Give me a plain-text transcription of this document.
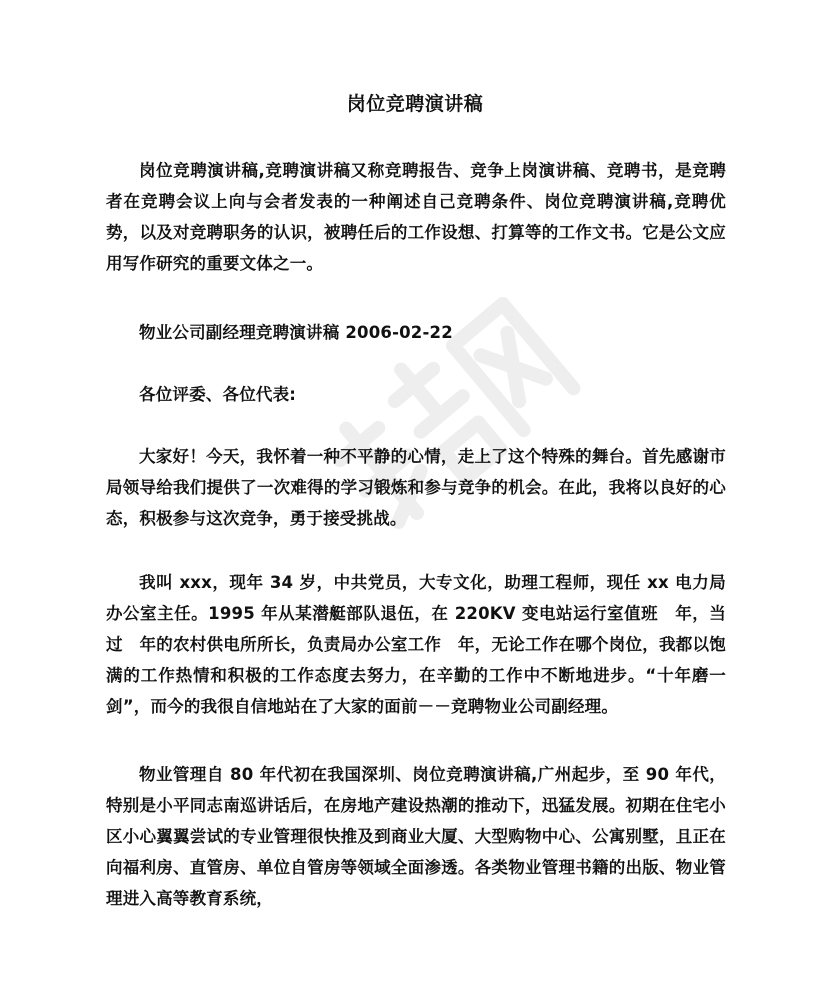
岗位竞聘演讲稿

岗位竞聘演讲稿,竞聘演讲稿又称竞聘报告、竞争上岗演讲稿、竞聘书，是竞聘者在竞聘会议上向与会者发表的一种阐述自己竞聘条件、岗位竞聘演讲稿,竞聘优势，以及对竞聘职务的认识，被聘任后的工作设想、打算等的工作文书。它是公文应用写作研究的重要文体之一。

物业公司副经理竞聘演讲稿 2006-02-22

各位评委、各位代表:

大家好！今天，我怀着一种不平静的心情，走上了这个特殊的舞台。首先感谢市局领导给我们提供了一次难得的学习锻炼和参与竞争的机会。在此，我将以良好的心态，积极参与这次竞争，勇于接受挑战。

我叫 xxx，现年 34 岁，中共党员，大专文化，助理工程师，现任 xx 电力局办公室主任。1995 年从某潜艇部队退伍，在 220KV 变电站运行室值班　年，当过　年的农村供电所所长，负责局办公室工作　年，无论工作在哪个岗位，我都以饱满的工作热情和积极的工作态度去努力，在辛勤的工作中不断地进步。“十年磨一剑”，而今的我很自信地站在了大家的面前－－竞聘物业公司副经理。

物业管理自 80 年代初在我国深圳、岗位竞聘演讲稿,广州起步，至 90 年代，特别是小平同志南巡讲话后，在房地产建设热潮的推动下，迅猛发展。初期在住宅小区小心翼翼尝试的专业管理很快推及到商业大厦、大型购物中心、公寓别墅，且正在向福利房、直管房、单位自管房等领域全面渗透。各类物业管理书籍的出版、物业管理进入高等教育系统，
